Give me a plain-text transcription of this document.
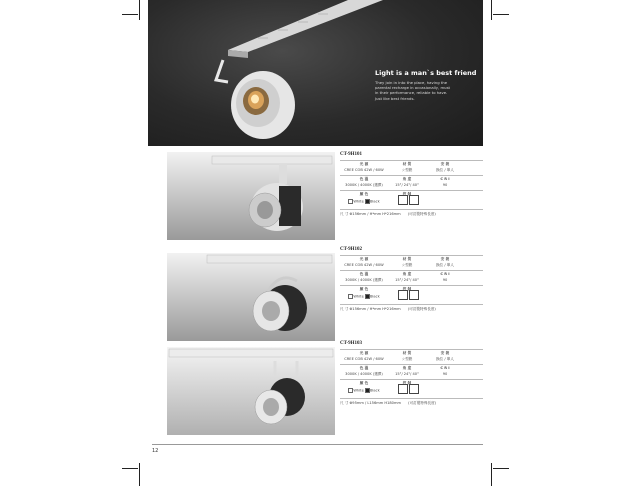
Light is a man`s best friend
They join in into the place, having the
parental recharge in occasionally, must
in their performance, reliable to have.
Just like best friends.
CT-9H101
光 源	材 質	安 裝
CREE COB 42W / 60W	ㄓ型鋁	換位 / 單人
色 溫	角 度	C R I
3000K / 4000K (選擇)	15°/ 24°/ 40°	90
顏 色	控 制
White Black
尺 寸 Φ156mm / H*mm H*216mm (可訂製特殊長度)
CT-9H102
光 源	材 質	安 裝
CREE COB 42W / 60W	ㄓ型鋁	換位 / 單人
色 溫	角 度	C R I
3000K / 4000K (選擇)	15°/ 24°/ 40°	90
顏 色	控 制
White Black
尺 寸 Φ156mm / H*mm H*216mm (可訂製特殊長度)
CT-9H103
光 源	材 質	安 裝
CREE COB 42W / 60W	ㄓ型鋁	換位 / 單人
色 溫	角 度	C R I
3000K / 4000K (選擇)	15°/ 24°/ 40°	90
顏 色	控 制
White Black
尺 寸 Φ95mm / L156mm H180mm (可訂製特殊長度)
12
